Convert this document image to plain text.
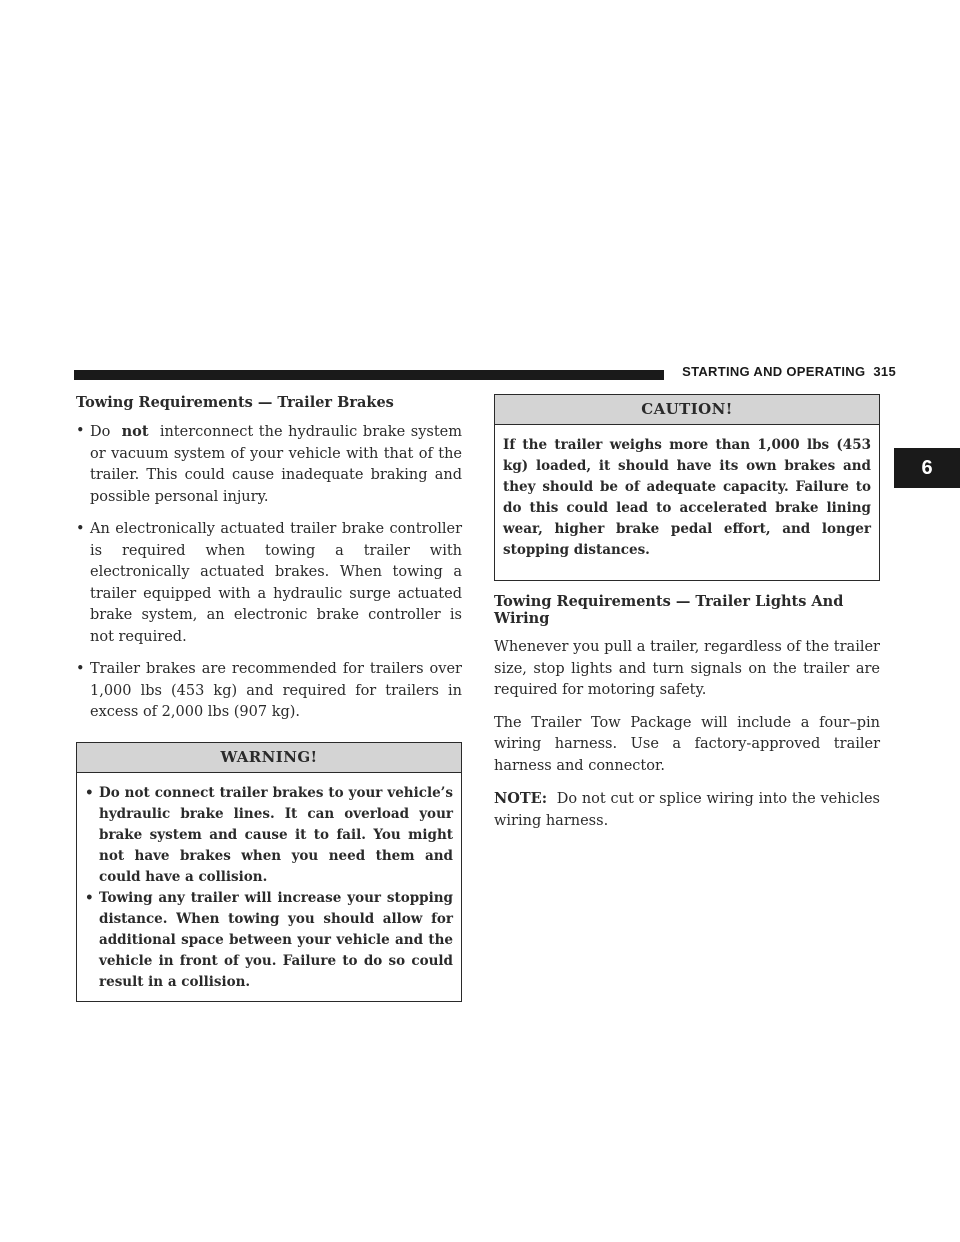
STARTING AND OPERATING 315
6
Towing Requirements — Trailer Brakes
• Do not interconnect the hydraulic brake system or vacuum system of your vehicle with that of the trailer. This could cause inadequate braking and possible personal injury.
• An electronically actuated trailer brake controller is required when towing a trailer with electronically actuated brakes. When towing a trailer equipped with a hydraulic surge actuated brake system, an electronic brake controller is not required.
• Trailer brakes are recommended for trailers over 1,000 lbs (453 kg) and required for trailers in excess of 2,000 lbs (907 kg).
WARNING!
• Do not connect trailer brakes to your vehicle’s hydraulic brake lines. It can overload your brake system and cause it to fail. You might not have brakes when you need them and could have a collision.
• Towing any trailer will increase your stopping distance. When towing you should allow for additional space between your vehicle and the vehicle in front of you. Failure to do so could result in a collision.
CAUTION!

If the trailer weighs more than 1,000 lbs (453 kg) loaded, it should have its own brakes and they should be of adequate capacity. Failure to do this could lead to accelerated brake lining wear, higher brake pedal effort, and longer stopping distances.

Towing Requirements — Trailer Lights And Wiring

Whenever you pull a trailer, regardless of the trailer size, stop lights and turn signals on the trailer are required for motoring safety.

The Trailer Tow Package will include a four–pin wiring harness. Use a factory-approved trailer harness and connector.

NOTE: Do not cut or splice wiring into the vehicles wiring harness.
